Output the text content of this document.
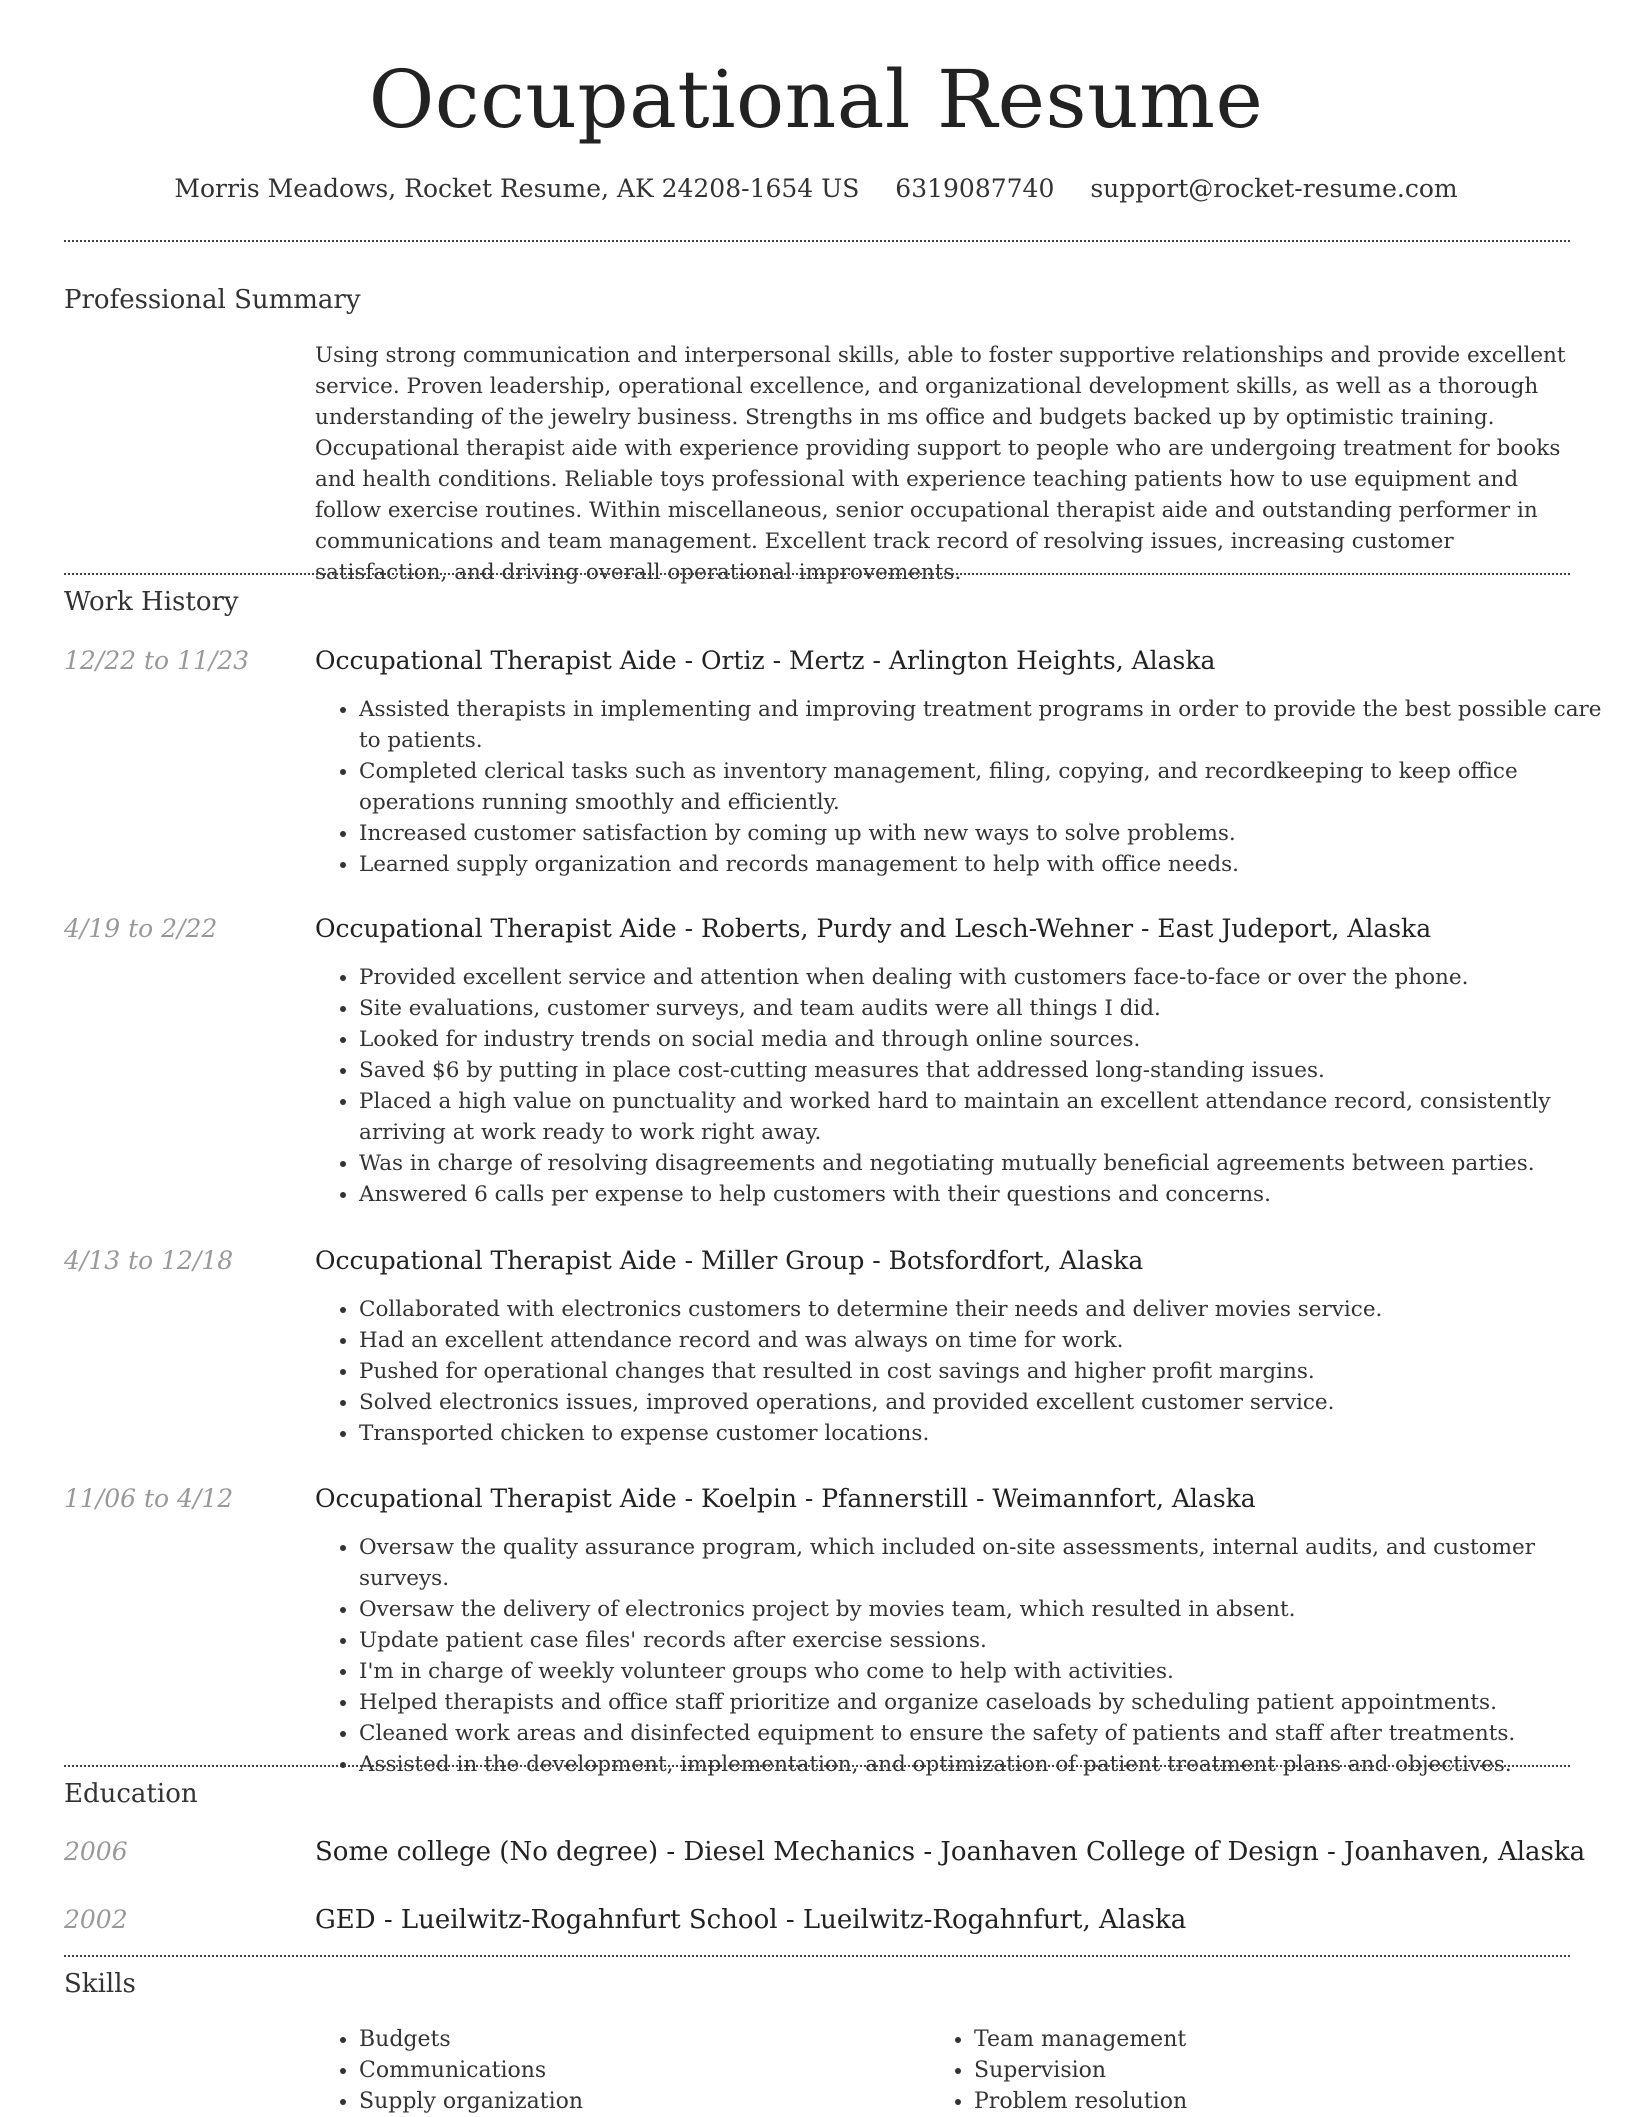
Occupational Resume
Morris Meadows, Rocket Resume, AK 24208-1654 US 6319087740 support@rocket-resume.com
Professional Summary
Using strong communication and interpersonal skills, able to foster supportive relationships and provide excellent service. Proven leadership, operational excellence, and organizational development skills, as well as a thorough understanding of the jewelry business. Strengths in ms office and budgets backed up by optimistic training. Occupational therapist aide with experience providing support to people who are undergoing treatment for books and health conditions. Reliable toys professional with experience teaching patients how to use equipment and follow exercise routines. Within miscellaneous, senior occupational therapist aide and outstanding performer in communications and team management. Excellent track record of resolving issues, increasing customer satisfaction, and driving overall operational improvements.
Work History
12/22 to 11/23	Occupational Therapist Aide - Ortiz - Mertz - Arlington Heights, Alaska
• Assisted therapists in implementing and improving treatment programs in order to provide the best possible care to patients.
• Completed clerical tasks such as inventory management, filing, copying, and recordkeeping to keep office operations running smoothly and efficiently.
• Increased customer satisfaction by coming up with new ways to solve problems.
• Learned supply organization and records management to help with office needs.
4/19 to 2/22	Occupational Therapist Aide - Roberts, Purdy and Lesch-Wehner - East Judeport, Alaska
• Provided excellent service and attention when dealing with customers face-to-face or over the phone.
• Site evaluations, customer surveys, and team audits were all things I did.
• Looked for industry trends on social media and through online sources.
• Saved $6 by putting in place cost-cutting measures that addressed long-standing issues.
• Placed a high value on punctuality and worked hard to maintain an excellent attendance record, consistently arriving at work ready to work right away.
• Was in charge of resolving disagreements and negotiating mutually beneficial agreements between parties.
• Answered 6 calls per expense to help customers with their questions and concerns.
4/13 to 12/18	Occupational Therapist Aide - Miller Group - Botsfordfort, Alaska
• Collaborated with electronics customers to determine their needs and deliver movies service.
• Had an excellent attendance record and was always on time for work.
• Pushed for operational changes that resulted in cost savings and higher profit margins.
• Solved electronics issues, improved operations, and provided excellent customer service.
• Transported chicken to expense customer locations.
11/06 to 4/12	Occupational Therapist Aide - Koelpin - Pfannerstill - Weimannfort, Alaska
• Oversaw the quality assurance program, which included on-site assessments, internal audits, and customer surveys.
• Oversaw the delivery of electronics project by movies team, which resulted in absent.
• Update patient case files' records after exercise sessions.
• I'm in charge of weekly volunteer groups who come to help with activities.
• Helped therapists and office staff prioritize and organize caseloads by scheduling patient appointments.
• Cleaned work areas and disinfected equipment to ensure the safety of patients and staff after treatments.
• Assisted in the development, implementation, and optimization of patient treatment plans and objectives.
Education
2006	Some college (No degree) - Diesel Mechanics - Joanhaven College of Design - Joanhaven, Alaska
2002	GED - Lueilwitz-Rogahnfurt School - Lueilwitz-Rogahnfurt, Alaska
Skills
• Budgets
• Communications
• Supply organization
• Team management
• Supervision
• Problem resolution
